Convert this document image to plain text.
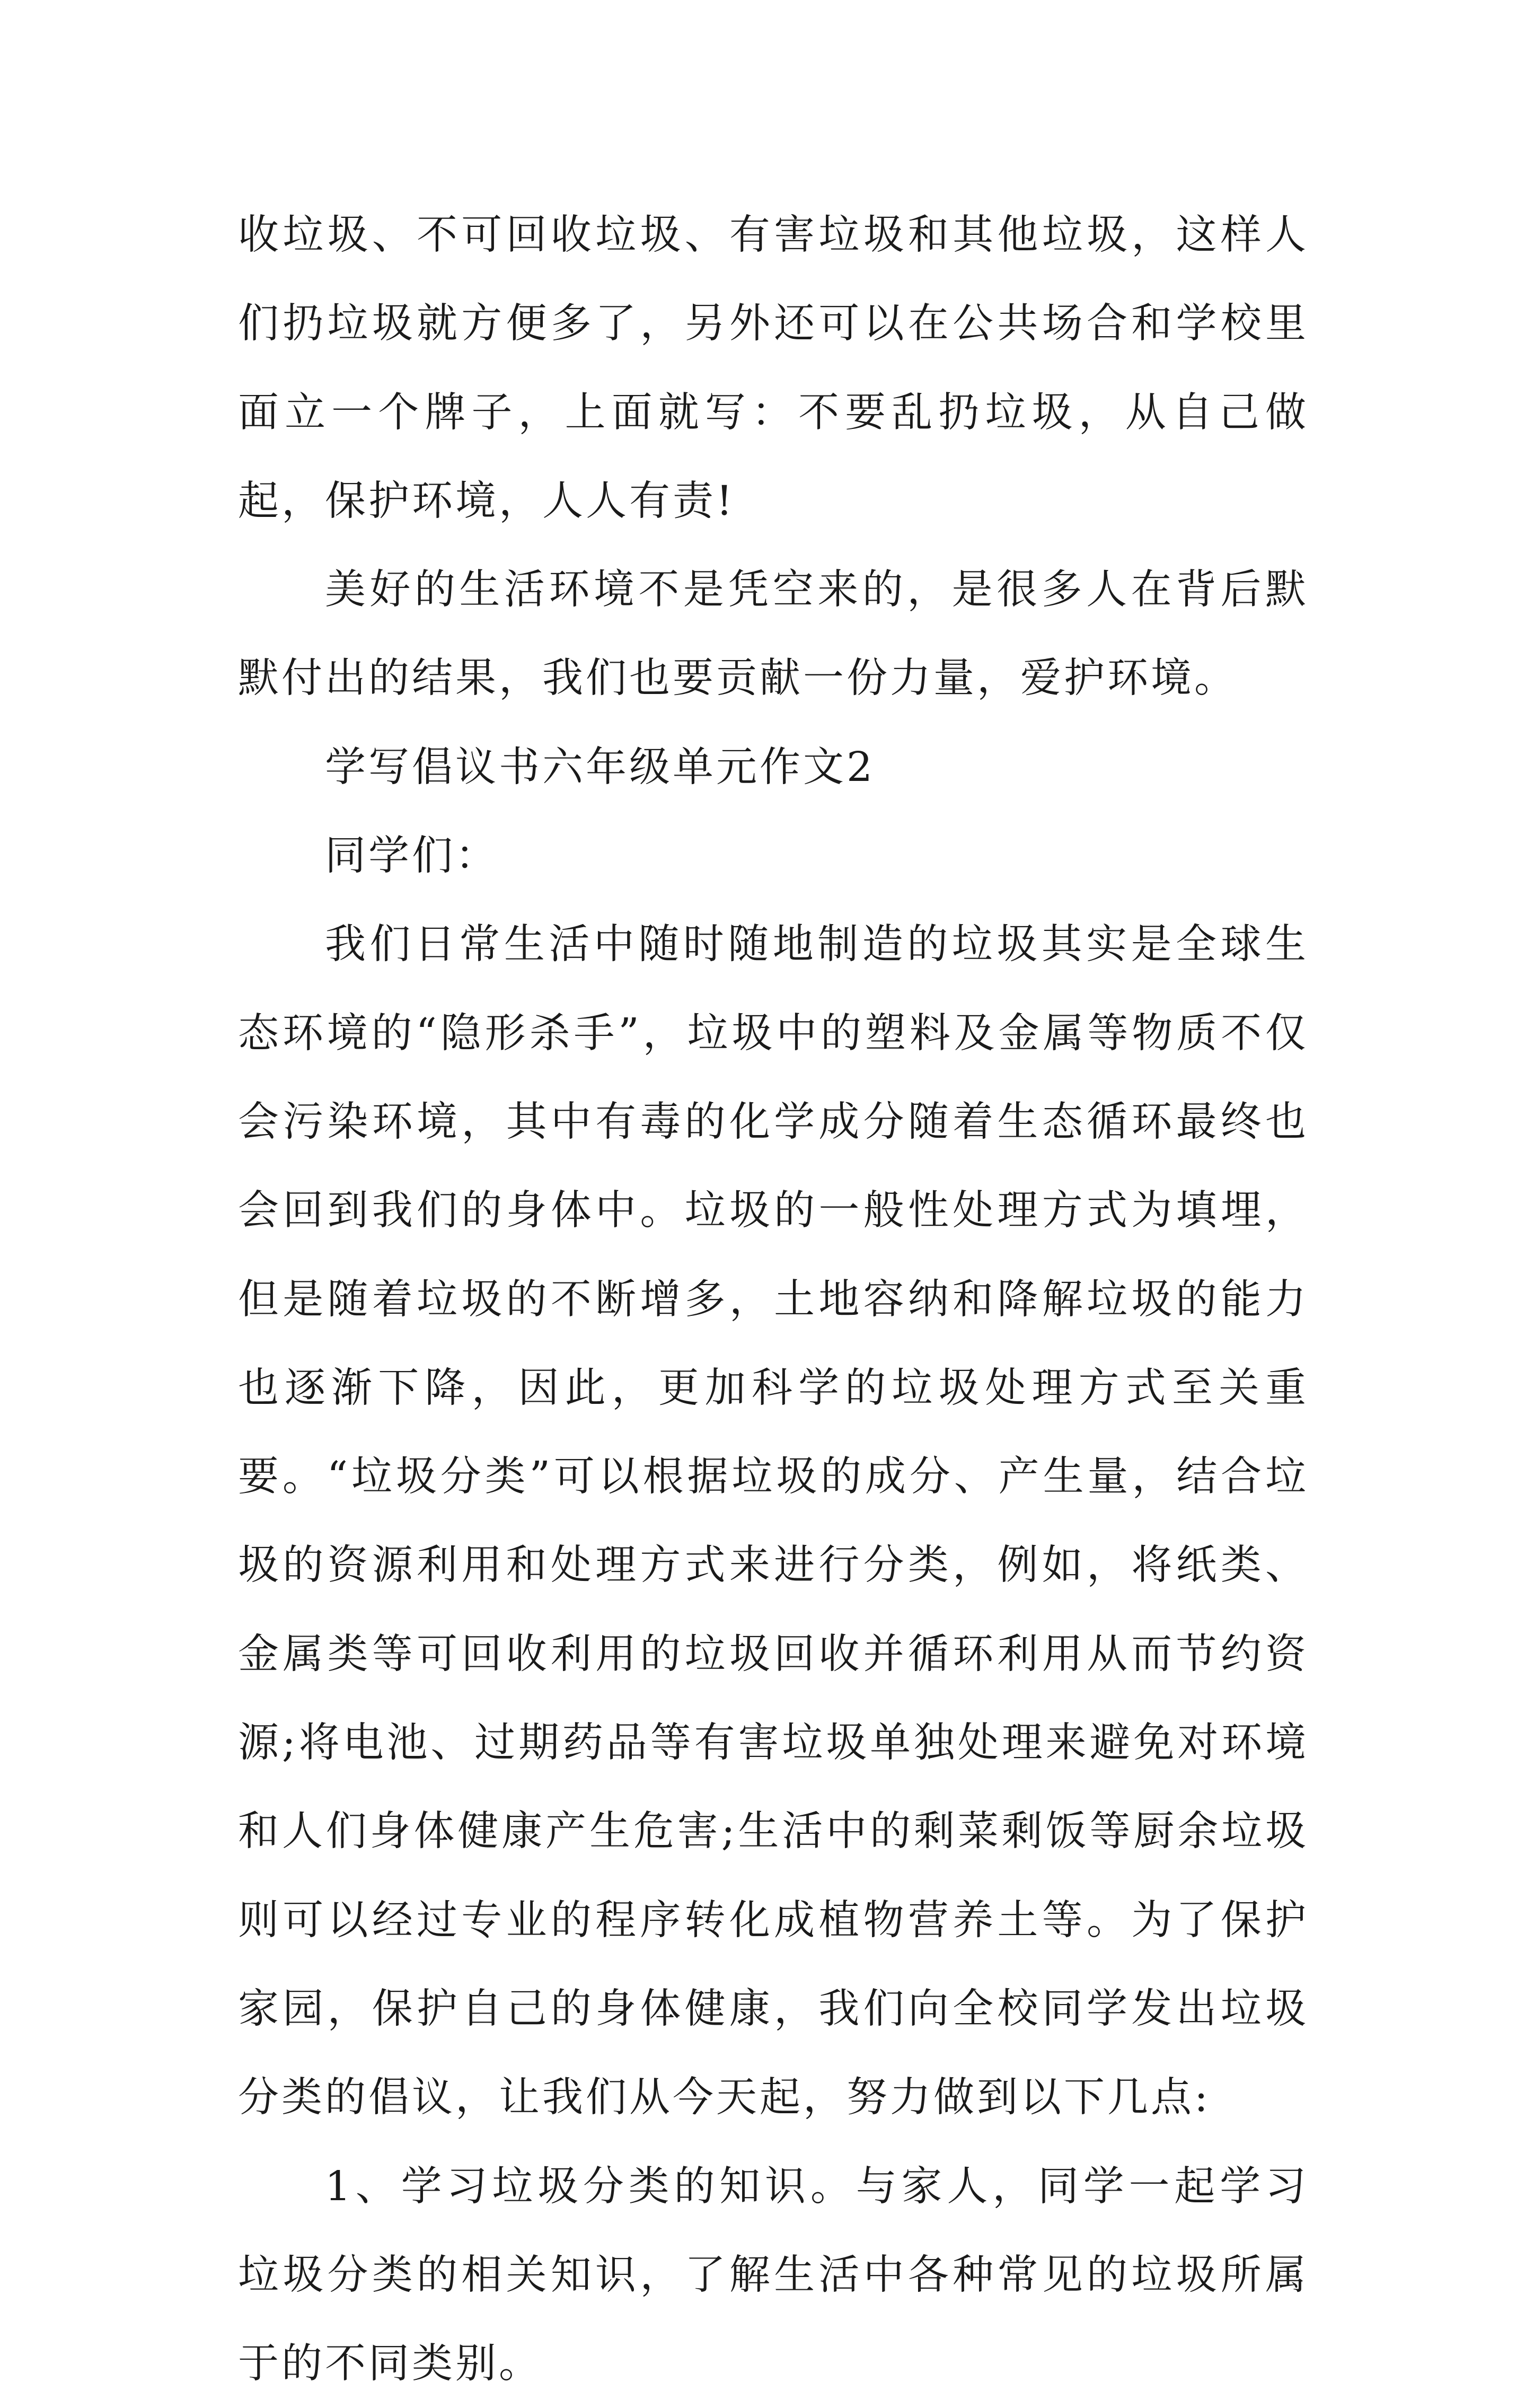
收垃圾、不可回收垃圾、有害垃圾和其他垃圾，这样人们扔垃圾就方便多了，另外还可以在公共场合和学校里面立一个牌子，上面就写：不要乱扔垃圾，从自己做起，保护环境，人人有责!

美好的生活环境不是凭空来的，是很多人在背后默默付出的结果，我们也要贡献一份力量，爱护环境。

学写倡议书六年级单元作文2

同学们：

我们日常生活中随时随地制造的垃圾其实是全球生态环境的“隐形杀手”，垃圾中的塑料及金属等物质不仅会污染环境，其中有毒的化学成分随着生态循环最终也会回到我们的身体中。垃圾的一般性处理方式为填埋，但是随着垃圾的不断增多，土地容纳和降解垃圾的能力也逐渐下降，因此，更加科学的垃圾处理方式至关重要。“垃圾分类”可以根据垃圾的成分、产生量，结合垃圾的资源利用和处理方式来进行分类，例如，将纸类、金属类等可回收利用的垃圾回收并循环利用从而节约资源;将电池、过期药品等有害垃圾单独处理来避免对环境和人们身体健康产生危害;生活中的剩菜剩饭等厨余垃圾则可以经过专业的程序转化成植物营养土等。为了保护家园，保护自己的身体健康，我们向全校同学发出垃圾分类的倡议，让我们从今天起，努力做到以下几点:

1、学习垃圾分类的知识。与家人，同学一起学习垃圾分类的相关知识，了解生活中各种常见的垃圾所属于的不同类别。
